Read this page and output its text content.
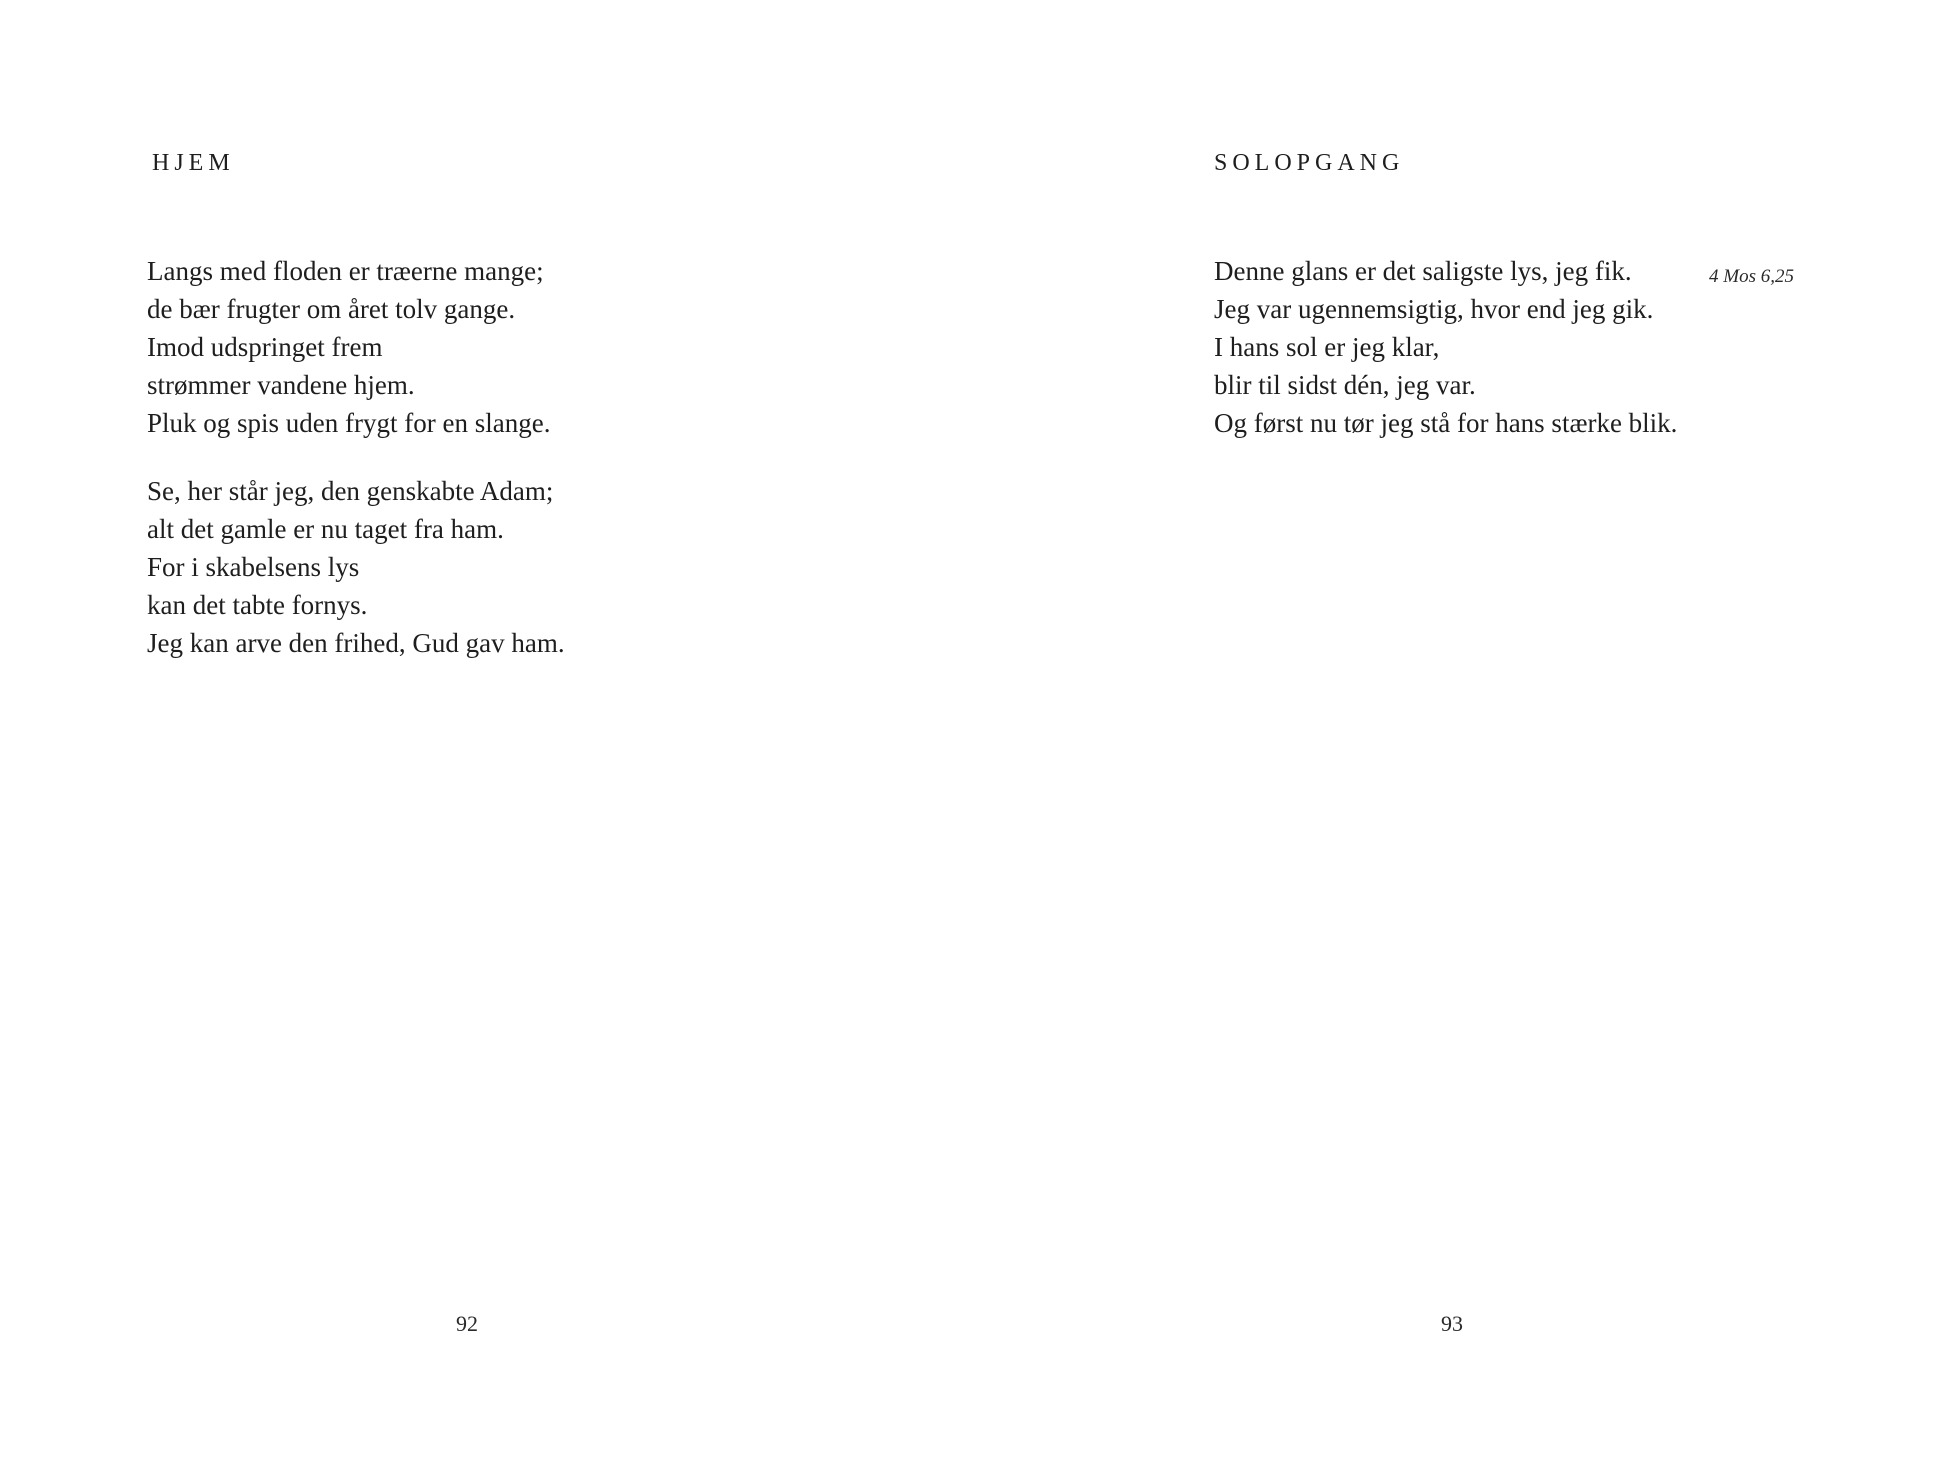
HJEM
Langs med floden er træerne mange;
de bær frugter om året tolv gange.
Imod udspringet frem
strømmer vandene hjem.
Pluk og spis uden frygt for en slange.
Se, her står jeg, den genskabte Adam;
alt det gamle er nu taget fra ham.
For i skabelsens lys
kan det tabte fornys.
Jeg kan arve den frihed, Gud gav ham.
92
SOLOPGANG
4 Mos 6,25
Denne glans er det saligste lys, jeg fik.
Jeg var ugennemsigtig, hvor end jeg gik.
I hans sol er jeg klar,
blir til sidst dén, jeg var.
Og først nu tør jeg stå for hans stærke blik.
93
